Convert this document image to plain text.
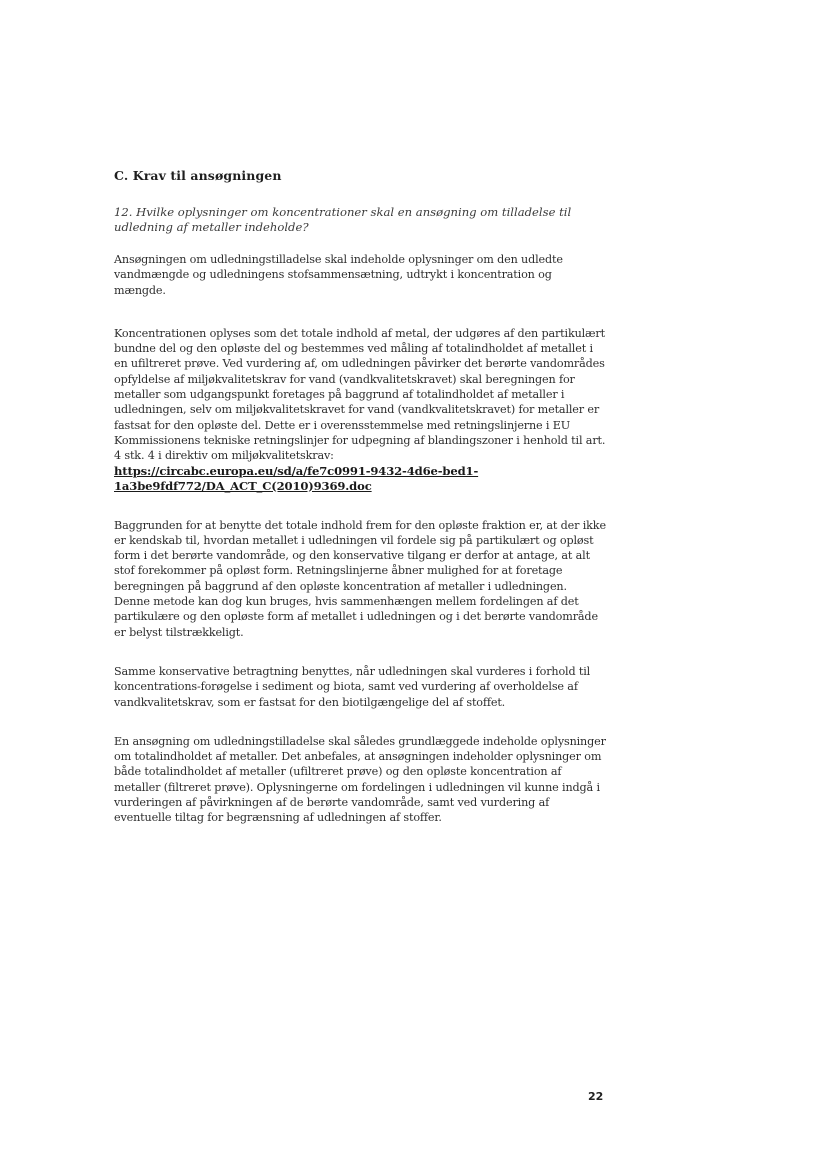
C. Krav til ansøgningen

12. Hvilke oplysninger om koncentrationer skal en ansøgning om tilladelse til udledning af metaller indeholde?

Ansøgningen om udledningstilladelse skal indeholde oplysninger om den udledte vandmængde og udledningens stofsammensætning, udtrykt i koncentration og mængde.

Koncentrationen oplyses som det totale indhold af metal, der udgøres af den partikulært bundne del og den opløste del og bestemmes ved måling af totalindholdet af metallet i en ufiltreret prøve. Ved vurdering af, om udledningen påvirker det berørte vandområdes opfyldelse af miljøkvalitetskrav for vand (vandkvalitetskravet) skal beregningen for metaller som udgangspunkt foretages på baggrund af totalindholdet af metaller i udledningen, selv om miljøkvalitetskravet for vand (vandkvalitetskravet) for metaller er fastsat for den opløste del. Dette er i overensstemmelse med retningslinjerne i EU Kommissionens tekniske retningslinjer for udpegning af blandingszoner i henhold til art. 4 stk. 4 i direktiv om miljøkvalitetskrav:
https://circabc.europa.eu/sd/a/fe7c0991-9432-4d6e-bed1-1a3be9fdf772/DA_ACT_C(2010)9369.doc

Baggrunden for at benytte det totale indhold frem for den opløste fraktion er, at der ikke er kendskab til, hvordan metallet i udledningen vil fordele sig på partikulært og opløst form i det berørte vandområde, og den konservative tilgang er derfor at antage, at alt stof forekommer på opløst form. Retningslinjerne åbner mulighed for at foretage beregningen på baggrund af den opløste koncentration af metaller i udledningen. Denne metode kan dog kun bruges, hvis sammenhængen mellem fordelingen af det partikulære og den opløste form af metallet i udledningen og i det berørte vandområde er belyst tilstrækkeligt.

Samme konservative betragtning benyttes, når udledningen skal vurderes i forhold til koncentrations-forøgelse i sediment og biota, samt ved vurdering af overholdelse af vandkvalitetskrav, som er fastsat for den biotilgængelige del af stoffet.

En ansøgning om udledningstilladelse skal således grundlæggede indeholde oplysninger om totalindholdet af metaller. Det anbefales, at ansøgningen indeholder oplysninger om både totalindholdet af metaller (ufiltreret prøve) og den opløste koncentration af metaller (filtreret prøve). Oplysningerne om fordelingen i udledningen vil kunne indgå i vurderingen af påvirkningen af de berørte vandområde, samt ved vurdering af eventuelle tiltag for begrænsning af udledningen af stoffer.

22
